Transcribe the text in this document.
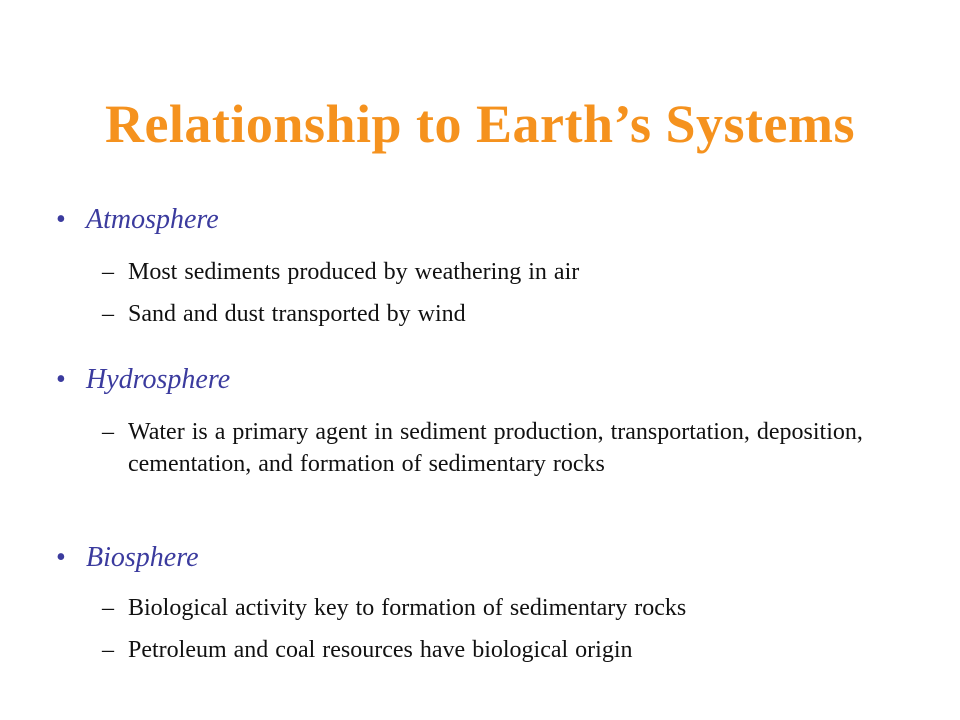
Relationship to Earth’s Systems
• Atmosphere
– Most sediments produced by weathering in air
– Sand and dust transported by wind
• Hydrosphere
– Water is a primary agent in sediment production, transportation, deposition, cementation, and formation of sedimentary rocks
• Biosphere
– Biological activity key to formation of sedimentary rocks
– Petroleum and coal resources have biological origin
